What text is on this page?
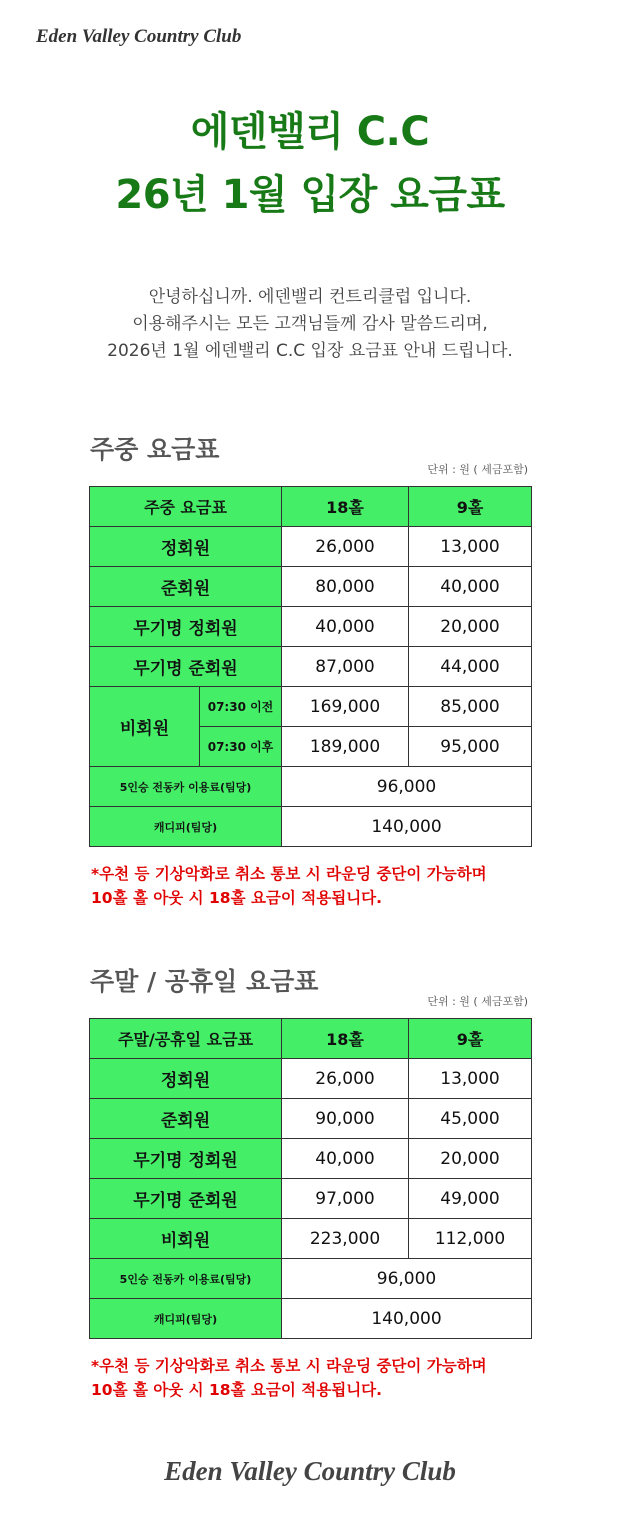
Eden Valley Country Club
에덴밸리 C.C
26년 1월 입장 요금표
안녕하십니까. 에덴밸리 컨트리클럽 입니다.
이용해주시는 모든 고객님들께 감사 말씀드리며,
2026년 1월 에덴밸리 C.C 입장 요금표 안내 드립니다.
주중 요금표
단위 : 원 ( 세금포함)
주중 요금표		18홀	9홀
정회원		26,000	13,000
준회원		80,000	40,000
무기명 정회원		40,000	20,000
무기명 준회원		87,000	44,000
비회원	07:30 이전	169,000	85,000
	07:30 이후	189,000	95,000
5인승 전동카 이용료(팀당)		96,000	
캐디피(팀당)		140,000	
*우천 등 기상악화로 취소 통보 시 라운딩 중단이 가능하며
10홀 홀 아웃 시 18홀 요금이 적용됩니다.
주말 / 공휴일 요금표
단위 : 원 ( 세금포함)
주말/공휴일 요금표	18홀	9홀
정회원	26,000	13,000
준회원	90,000	45,000
무기명 정회원	40,000	20,000
무기명 준회원	97,000	49,000
비회원	223,000	112,000
5인승 전동카 이용료(팀당)	96,000	
캐디피(팀당)	140,000	
*우천 등 기상악화로 취소 통보 시 라운딩 중단이 가능하며
10홀 홀 아웃 시 18홀 요금이 적용됩니다.
Eden Valley Country Club
